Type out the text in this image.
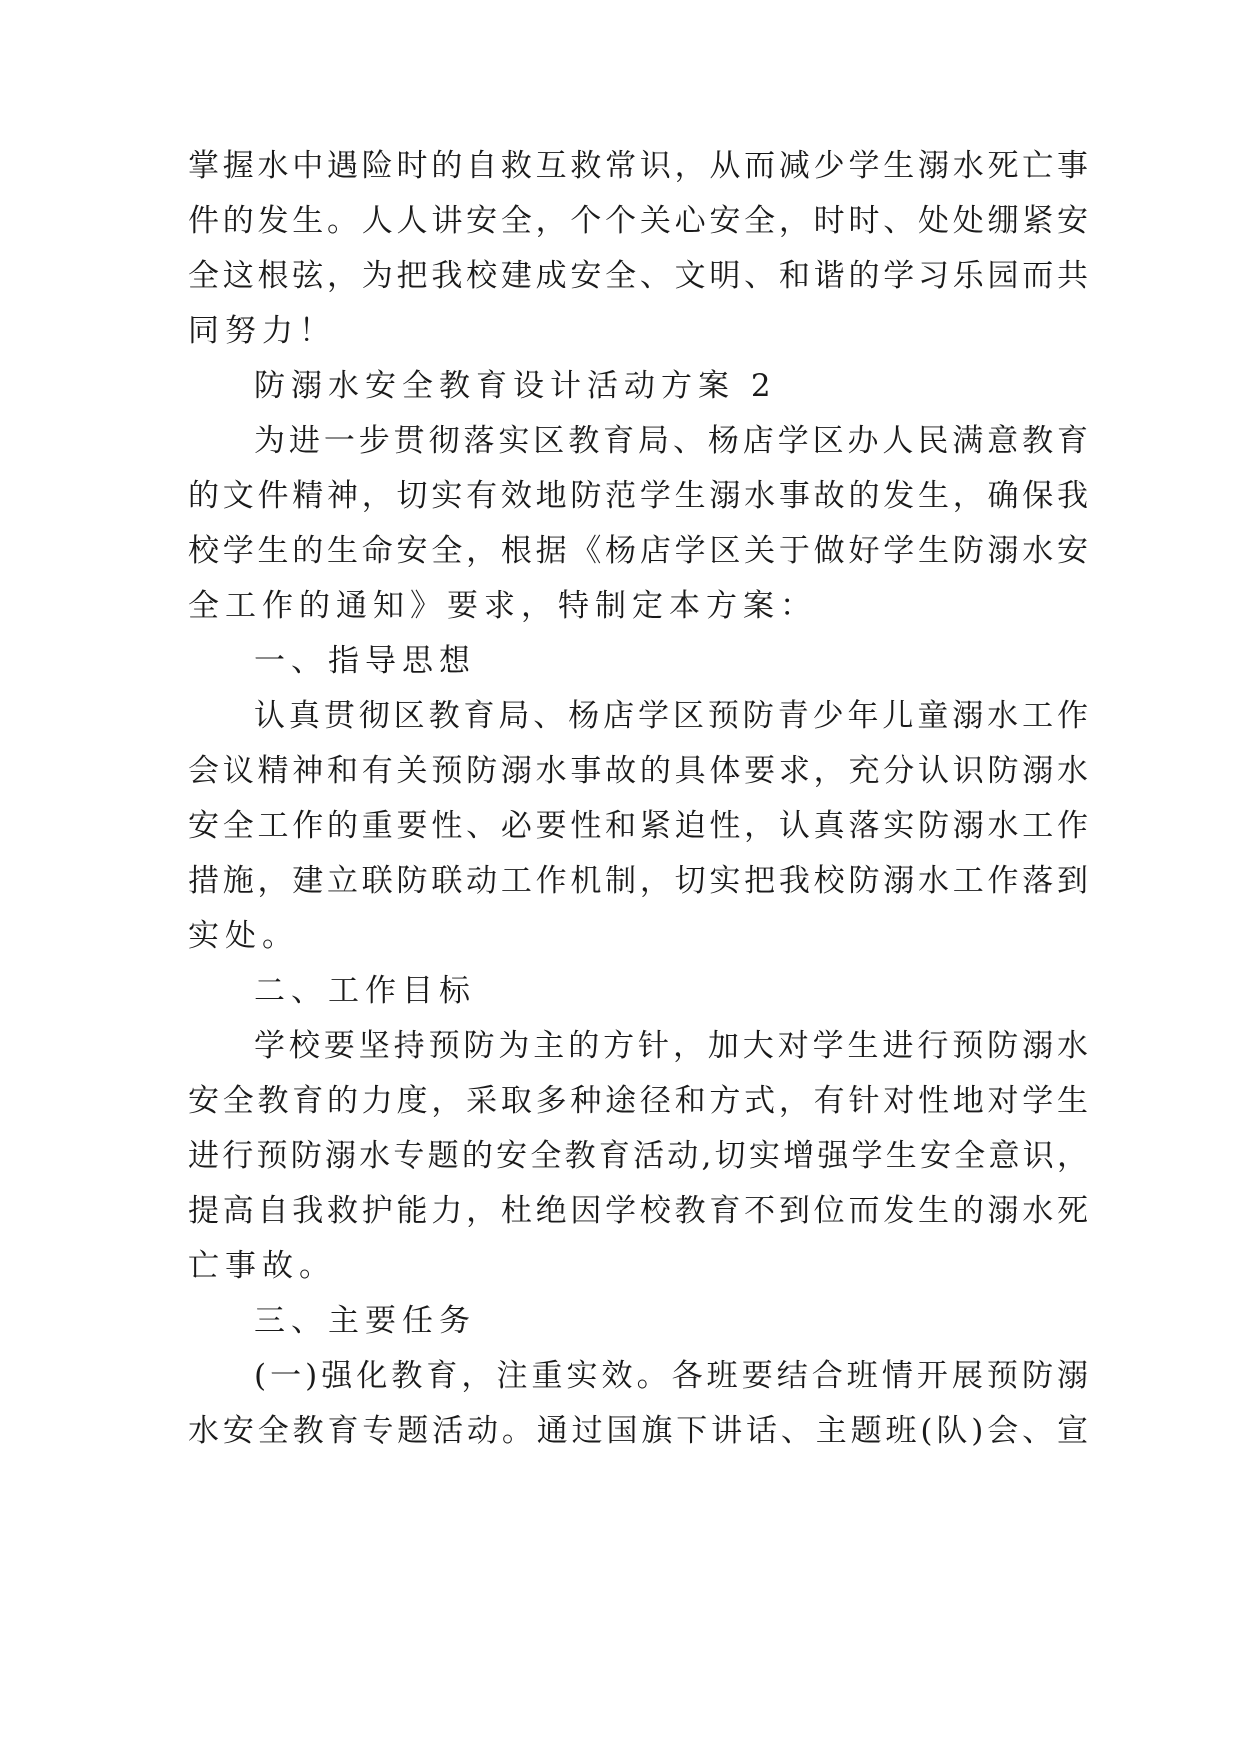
掌握水中遇险时的自救互救常识，从而减少学生溺水死亡事
件的发生。人人讲安全，个个关心安全，时时、处处绷紧安
全这根弦，为把我校建成安全、文明、和谐的学习乐园而共
同努力！
防溺水安全教育设计活动方案 2
为进一步贯彻落实区教育局、杨店学区办人民满意教育
的文件精神，切实有效地防范学生溺水事故的发生，确保我
校学生的生命安全，根据《杨店学区关于做好学生防溺水安
全工作的通知》要求，特制定本方案：
一、指导思想
认真贯彻区教育局、杨店学区预防青少年儿童溺水工作
会议精神和有关预防溺水事故的具体要求，充分认识防溺水
安全工作的重要性、必要性和紧迫性，认真落实防溺水工作
措施，建立联防联动工作机制，切实把我校防溺水工作落到
实处。
二、工作目标
学校要坚持预防为主的方针，加大对学生进行预防溺水
安全教育的力度，采取多种途径和方式，有针对性地对学生
进行预防溺水专题的安全教育活动,切实增强学生安全意识，
提高自我救护能力，杜绝因学校教育不到位而发生的溺水死
亡事故。
三、主要任务
(一)强化教育，注重实效。各班要结合班情开展预防溺
水安全教育专题活动。通过国旗下讲话、主题班(队)会、宣
